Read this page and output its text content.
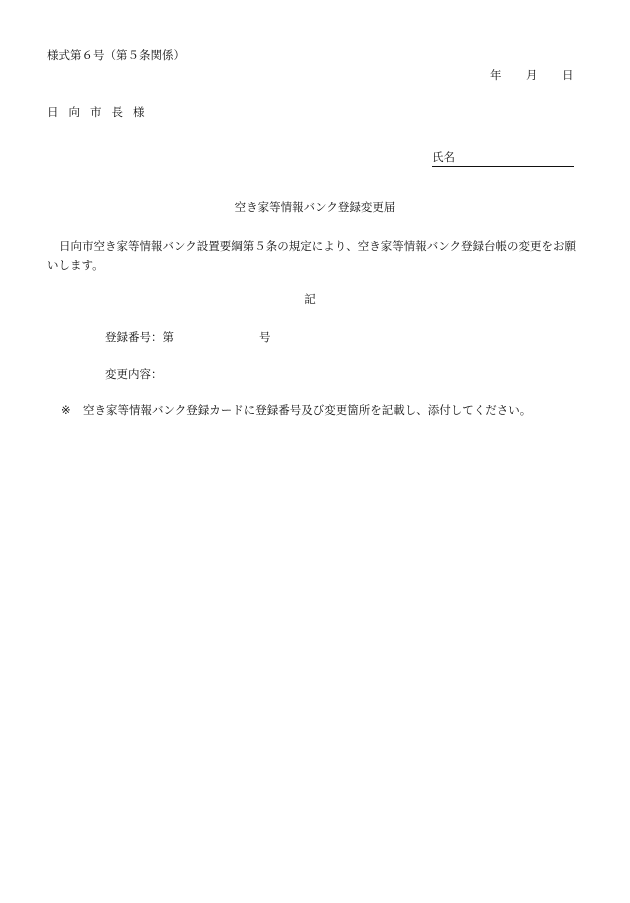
様式第６号（第５条関係）
年 月 日
日向市長様
氏名
空き家等情報バンク登録変更届
日向市空き家等情報バンク設置要綱第５条の規定により、空き家等情報バンク登録台帳の変更をお願いします。
記
登録番号：第	号
変更内容：
※ 空き家等情報バンク登録カードに登録番号及び変更箇所を記載し、添付してください。
